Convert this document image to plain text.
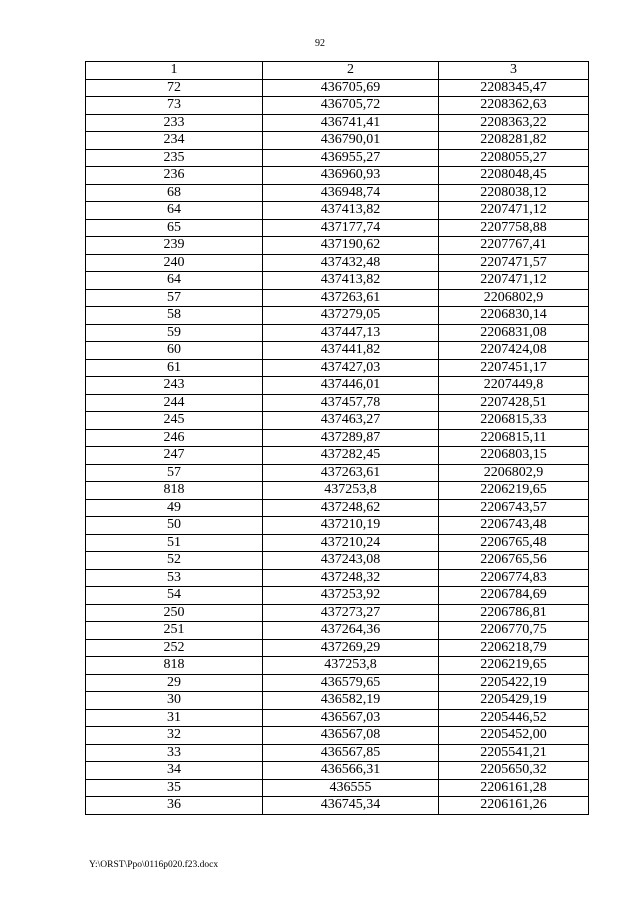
92
1	2	3
72	436705,69	2208345,47
73	436705,72	2208362,63
233	436741,41	2208363,22
234	436790,01	2208281,82
235	436955,27	2208055,27
236	436960,93	2208048,45
68	436948,74	2208038,12
64	437413,82	2207471,12
65	437177,74	2207758,88
239	437190,62	2207767,41
240	437432,48	2207471,57
64	437413,82	2207471,12
57	437263,61	2206802,9
58	437279,05	2206830,14
59	437447,13	2206831,08
60	437441,82	2207424,08
61	437427,03	2207451,17
243	437446,01	2207449,8
244	437457,78	2207428,51
245	437463,27	2206815,33
246	437289,87	2206815,11
247	437282,45	2206803,15
57	437263,61	2206802,9
818	437253,8	2206219,65
49	437248,62	2206743,57
50	437210,19	2206743,48
51	437210,24	2206765,48
52	437243,08	2206765,56
53	437248,32	2206774,83
54	437253,92	2206784,69
250	437273,27	2206786,81
251	437264,36	2206770,75
252	437269,29	2206218,79
818	437253,8	2206219,65
29	436579,65	2205422,19
30	436582,19	2205429,19
31	436567,03	2205446,52
32	436567,08	2205452,00
33	436567,85	2205541,21
34	436566,31	2205650,32
35	436555	2206161,28
36	436745,34	2206161,26
Y:\ORST\Ppo\0116p020.f23.docx
